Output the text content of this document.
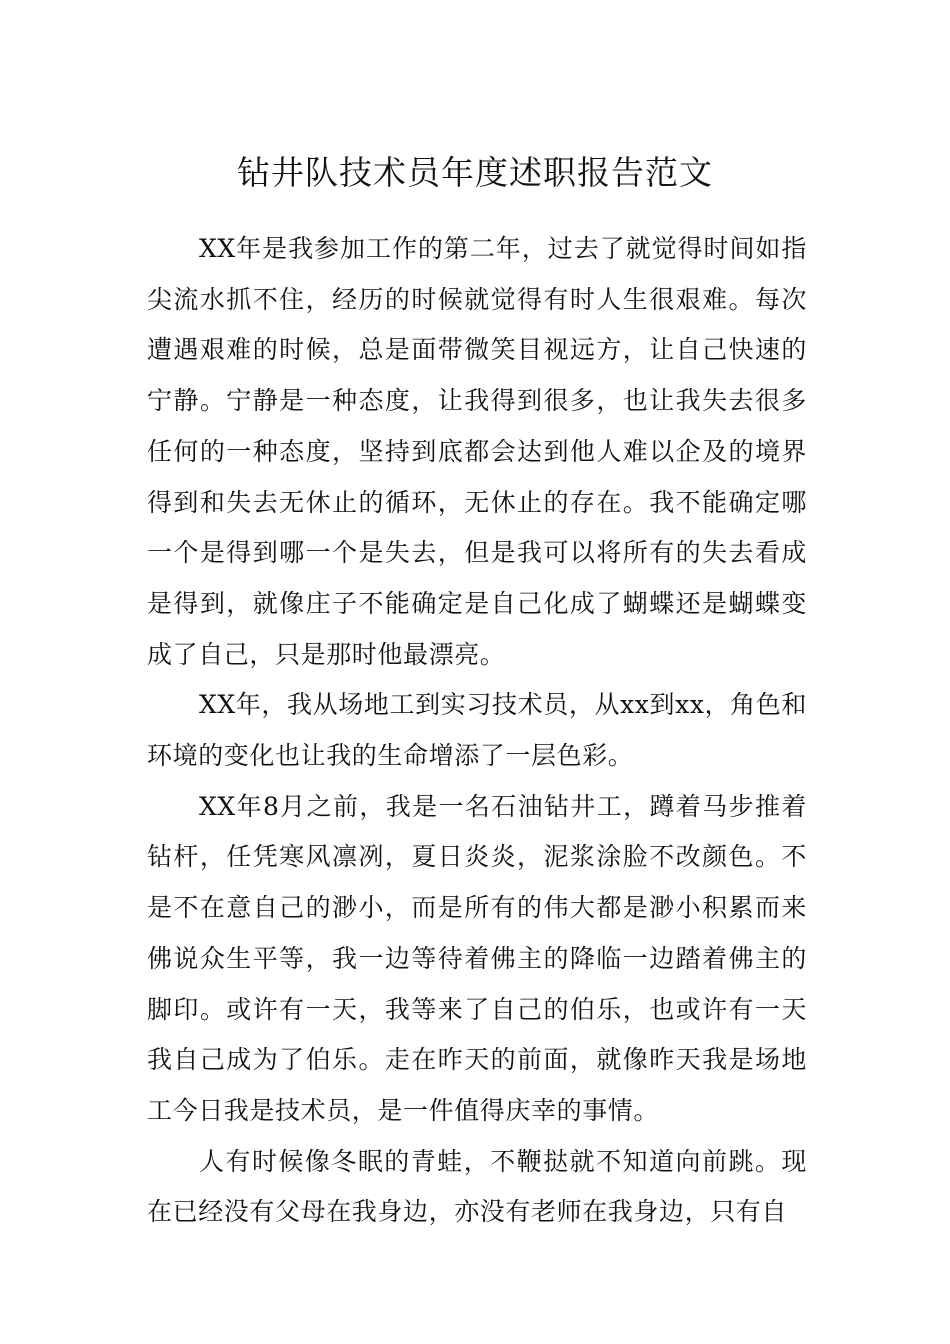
钻井队技术员年度述职报告范文

XX年是我参加工作的第二年，过去了就觉得时间如指尖流水抓不住，经历的时候就觉得有时人生很艰难。每次遭遇艰难的时候，总是面带微笑目视远方，让自己快速的宁静。宁静是一种态度，让我得到很多，也让我失去很多任何的一种态度，坚持到底都会达到他人难以企及的境界得到和失去无休止的循环，无休止的存在。我不能确定哪一个是得到哪一个是失去，但是我可以将所有的失去看成是得到，就像庄子不能确定是自己化成了蝴蝶还是蝴蝶变成了自己，只是那时他最漂亮。

XX年，我从场地工到实习技术员，从xx到xx，角色和环境的变化也让我的生命增添了一层色彩。

XX年8月之前，我是一名石油钻井工，蹲着马步推着钻杆，任凭寒风凛冽，夏日炎炎，泥浆涂脸不改颜色。不是不在意自己的渺小，而是所有的伟大都是渺小积累而来佛说众生平等，我一边等待着佛主的降临一边踏着佛主的脚印。或许有一天，我等来了自己的伯乐，也或许有一天我自己成为了伯乐。走在昨天的前面，就像昨天我是场地工今日我是技术员，是一件值得庆幸的事情。

人有时候像冬眠的青蛙，不鞭挞就不知道向前跳。现在已经没有父母在我身边，亦没有老师在我身边，只有自
